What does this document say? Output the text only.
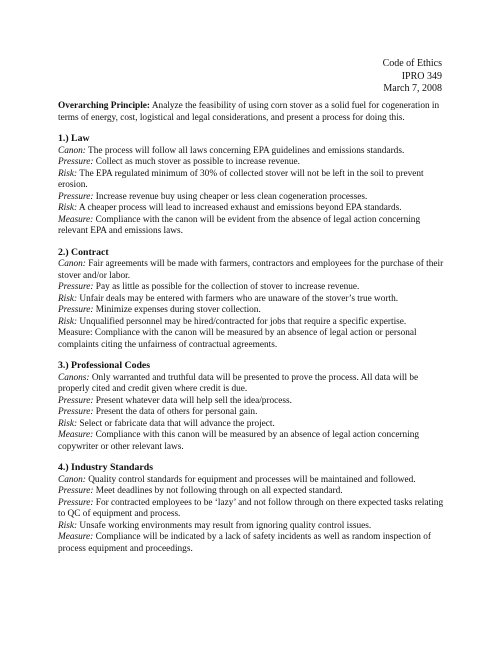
Code of Ethics
IPRO 349
March 7, 2008

Overarching Principle: Analyze the feasibility of using corn stover as a solid fuel for cogeneration in terms of energy, cost, logistical and legal considerations, and present a process for doing this.

1.) Law

Canon: The process will follow all laws concerning EPA guidelines and emissions standards.

Pressure: Collect as much stover as possible to increase revenue.

Risk: The EPA regulated minimum of 30% of collected stover will not be left in the soil to prevent erosion.

Pressure: Increase revenue buy using cheaper or less clean cogeneration processes.

Risk: A cheaper process will lead to increased exhaust and emissions beyond EPA standards.

Measure: Compliance with the canon will be evident from the absence of legal action concerning relevant EPA and emissions laws.

2.) Contract

Canon: Fair agreements will be made with farmers, contractors and employees for the purchase of their stover and/or labor.

Pressure: Pay as little as possible for the collection of stover to increase revenue.

Risk: Unfair deals may be entered with farmers who are unaware of the stover’s true worth.

Pressure: Minimize expenses during stover collection.

Risk: Unqualified personnel may be hired/contracted for jobs that require a specific expertise.

Measure: Compliance with the canon will be measured by an absence of legal action or personal complaints citing the unfairness of contractual agreements.

3.) Professional Codes

Canons: Only warranted and truthful data will be presented to prove the process. All data will be properly cited and credit given where credit is due.

Pressure: Present whatever data will help sell the idea/process.

Pressure: Present the data of others for personal gain.

Risk: Select or fabricate data that will advance the project.

Measure: Compliance with this canon will be measured by an absence of legal action concerning copywriter or other relevant laws.

4.) Industry Standards

Canon: Quality control standards for equipment and processes will be maintained and followed.

Pressure: Meet deadlines by not following through on all expected standard.

Pressure: For contracted employees to be ‘lazy’ and not follow through on there expected tasks relating to QC of equipment and process.

Risk: Unsafe working environments may result from ignoring quality control issues.

Measure: Compliance will be indicated by a lack of safety incidents as well as random inspection of process equipment and proceedings.
